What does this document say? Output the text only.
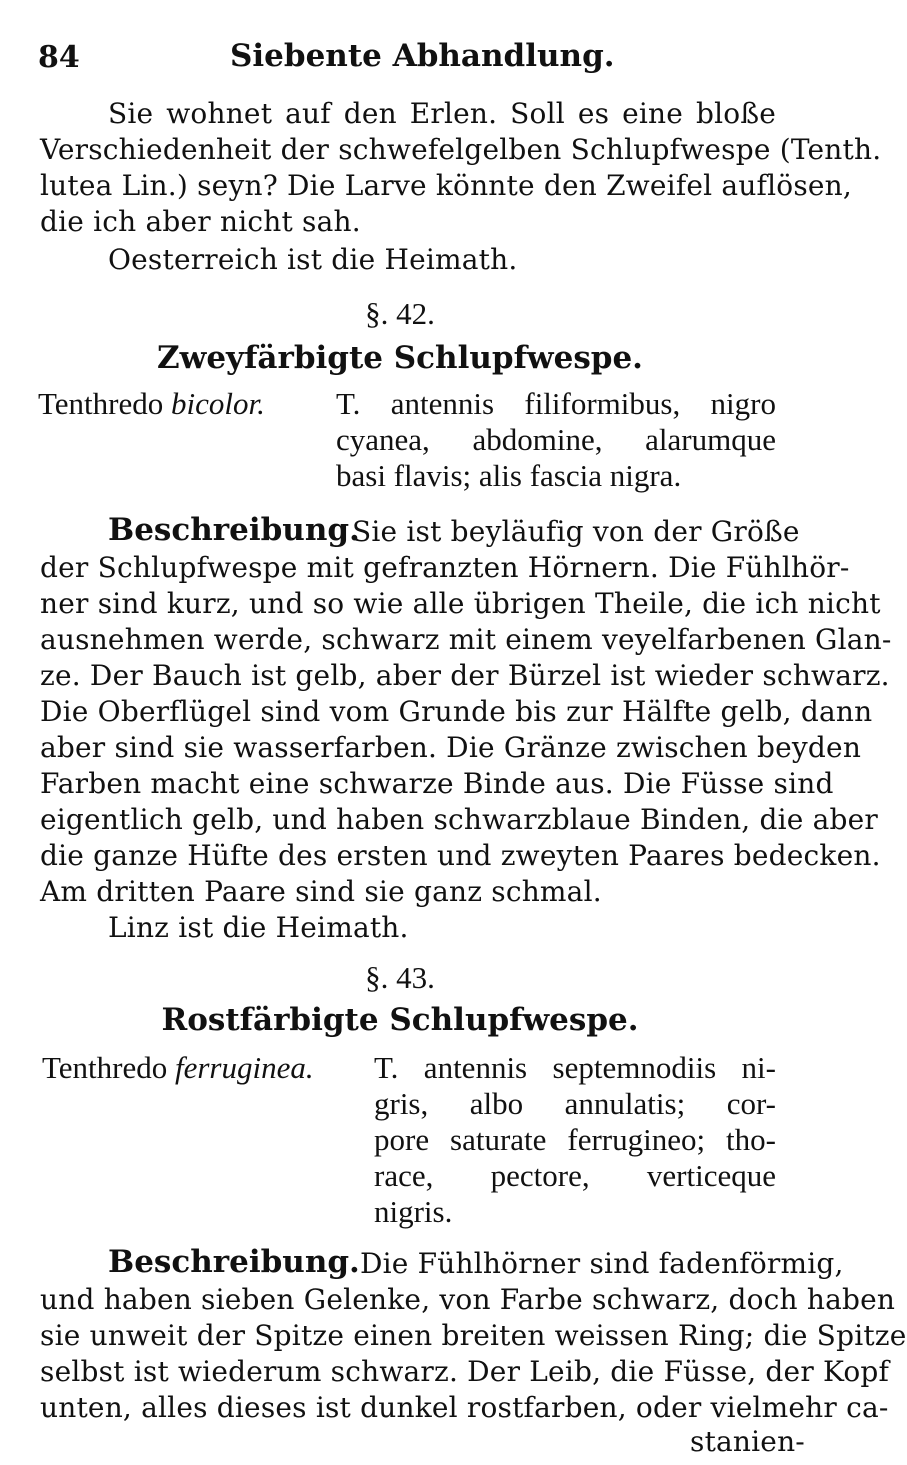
84	Siebente Abhandlung.
Sie wohnet auf den Erlen. Soll es eine bloße
Verschiedenheit der schwefelgelben Schlupfwespe (Tenth.
lutea Lin.) seyn? Die Larve könnte den Zweifel auflösen,
die ich aber nicht sah.
Oesterreich ist die Heimath.
§. 42.
Zweyfärbigte Schlupfwespe.
Tenthredo bicolor. T. antennis filiformibus, nigro
cyanea, abdomine, alarumque
basi flavis; alis fascia nigra.
Beschreibung.
Sie ist beyläufig von der Größe
der Schlupfwespe mit gefranzten Hörnern. Die Fühlhör-
ner sind kurz, und so wie alle übrigen Theile, die ich nicht
ausnehmen werde, schwarz mit einem veyelfarbenen Glan-
ze. Der Bauch ist gelb, aber der Bürzel ist wieder schwarz.
Die Oberflügel sind vom Grunde bis zur Hälfte gelb, dann
aber sind sie wasserfarben. Die Gränze zwischen beyden
Farben macht eine schwarze Binde aus. Die Füsse sind
eigentlich gelb, und haben schwarzblaue Binden, die aber
die ganze Hüfte des ersten und zweyten Paares bedecken.
Am dritten Paare sind sie ganz schmal.
Linz ist die Heimath.
§. 43.
Rostfärbigte Schlupfwespe.
Tenthredo ferruginea. T. antennis septemnodiis ni-
gris, albo annulatis; cor-
pore saturate ferrugineo; tho-
race, pectore, verticeque
nigris.
Beschreibung. Die Fühlhörner sind fadenförmig,
und haben sieben Gelenke, von Farbe schwarz, doch haben
sie unweit der Spitze einen breiten weissen Ring; die Spitze
selbst ist wiederum schwarz. Der Leib, die Füsse, der Kopf
unten, alles dieses ist dunkel rostfarben, oder vielmehr ca-
stanien-
